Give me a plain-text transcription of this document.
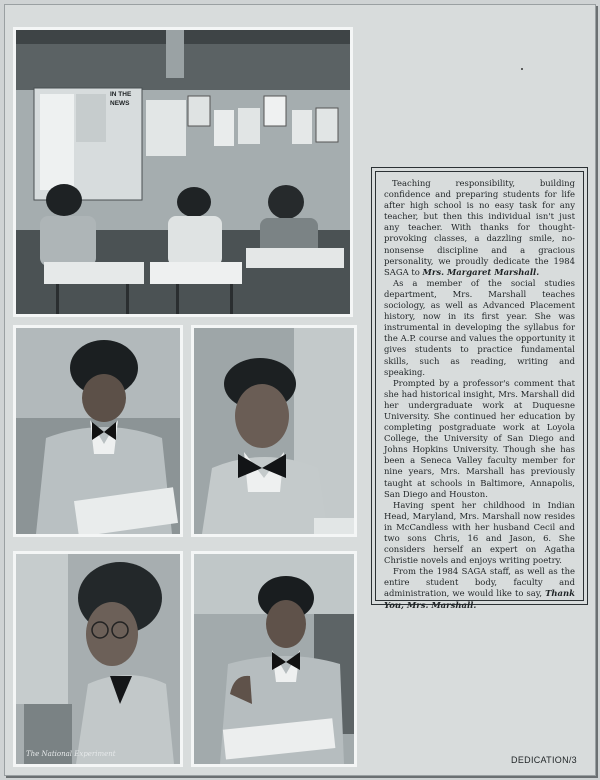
IN THE NEWS
The National Experiment

Teaching responsibility, building confidence and preparing students for life after high school is no easy task for any teacher, but then this individual isn't just any teacher. With thanks for thought-provoking classes, a dazzling smile, no-nonsense discipline and a gracious personality, we proudly dedicate the 1984 SAGA to Mrs. Margaret Marshall.

As a member of the social studies department, Mrs. Marshall teaches sociology, as well as Advanced Placement history, now in its first year. She was instrumental in developing the syllabus for the A.P. course and values the opportunity it gives students to practice fundamental skills, such as reading, writing and speaking.

Prompted by a professor's comment that she had historical insight, Mrs. Marshall did her undergraduate work at Duquesne University. She continued her education by completing postgraduate work at Loyola College, the University of San Diego and Johns Hopkins University. Though she has been a Seneca Valley faculty member for nine years, Mrs. Marshall has previously taught at schools in Baltimore, Annapolis, San Diego and Houston.

Having spent her childhood in Indian Head, Maryland, Mrs. Marshall now resides in McCandless with her husband Cecil and two sons Chris, 16 and Jason, 6. She considers herself an expert on Agatha Christie novels and enjoys writing poetry.

From the 1984 SAGA staff, as well as the entire student body, faculty and administration, we would like to say, Thank You, Mrs. Marshall.

DEDICATION/3
